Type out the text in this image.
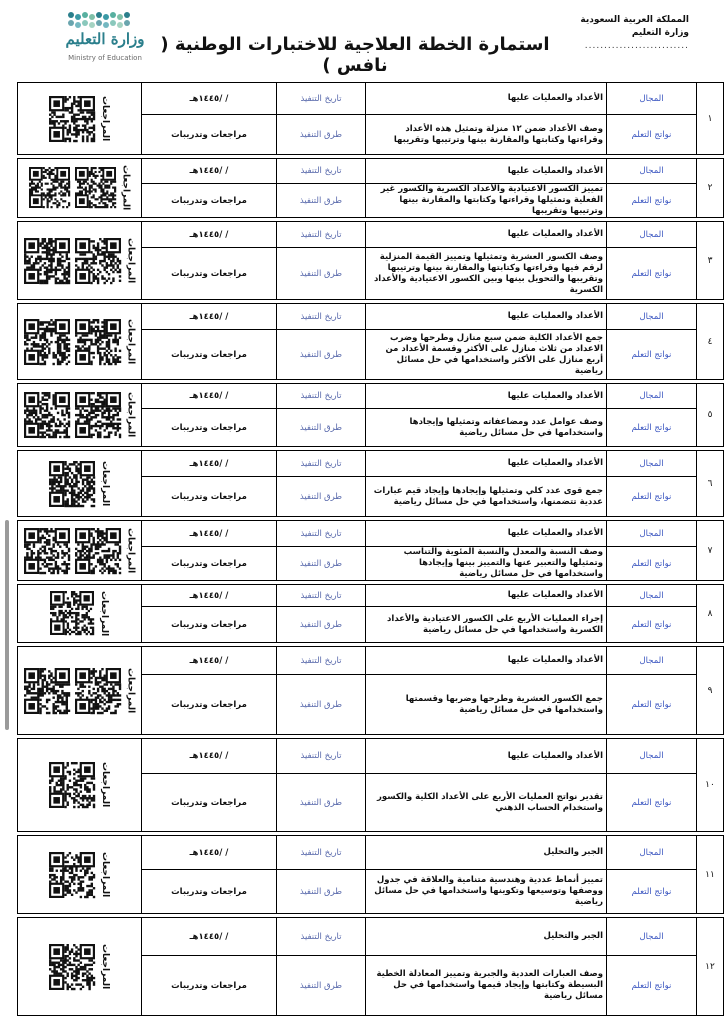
وزارة التعليم
Ministry of Education
المملكة العربية السعودية
وزارة التعليم
...........................
استمارة الخطة العلاجية للاختبارات الوطنية ( نافس )
المراجعات	/ /١٤٤٥هـ	تاريخ التنفيذ	الأعداد والعمليات عليها	المجال	١
	مراجعات وتدريبات	طرق التنفيذ	وصف الأعداد ضمن ١٢ منزلة وتمثيل هذه الأعداد وقراءتها وكتابتها والمقارنة بينها وترتيبها وتقريبها	نواتج التعلم	

المراجعات	/ /١٤٤٥هـ	تاريخ التنفيذ	الأعداد والعمليات عليها	المجال	٢
	مراجعات وتدريبات	طرق التنفيذ	تمييز الكسور الاعتيادية والأعداد الكسرية والكسور غير الفعلية وتمثيلها وقراءتها وكتابتها والمقارنة بينها وترتيبها وتقريبها	نواتج التعلم	

المراجعات	/ /١٤٤٥هـ	تاريخ التنفيذ	الأعداد والعمليات عليها	المجال	٣
	مراجعات وتدريبات	طرق التنفيذ	وصف الكسور العشرية وتمثيلها وتمييز القيمة المنزلية لرقم فيها وقراءتها وكتابتها والمقارنة بينها وترتيبها وتقريبها والتحويل بينها وبين الكسور الاعتيادية والأعداد الكسرية	نواتج التعلم	

المراجعات	/ /١٤٤٥هـ	تاريخ التنفيذ	الأعداد والعمليات عليها	المجال	٤
	مراجعات وتدريبات	طرق التنفيذ	جمع الأعداد الكلية ضمن سبع منازل وطرحها وضرب الاعداد من ثلاث منازل على الأكثر وقسمة الأعداد من أربع منازل على الأكثر واستخدامها في حل مسائل رياضية	نواتج التعلم	

المراجعات	/ /١٤٤٥هـ	تاريخ التنفيذ	الأعداد والعمليات عليها	المجال	٥
	مراجعات وتدريبات	طرق التنفيذ	وصف عوامل عدد ومضاعفاته وتمثيلها وإيجادها واستخدامها في حل مسائل رياضية	نواتج التعلم	

المراجعات	/ /١٤٤٥هـ	تاريخ التنفيذ	الأعداد والعمليات عليها	المجال	٦
	مراجعات وتدريبات	طرق التنفيذ	جمع قوى عدد كلي وتمثيلها وإيجادها وإيجاد قيم عبارات عددية تتضمنها، واستخدامها في حل مسائل رياضية	نواتج التعلم	

المراجعات	/ /١٤٤٥هـ	تاريخ التنفيذ	الأعداد والعمليات عليها	المجال	٧
	مراجعات وتدريبات	طرق التنفيذ	وصف النسبة والمعدل والنسبة المئوية والتناسب وتمثيلها والتعبير عنها والتمييز بينها وإيجادها واستخدامها في حل مسائل رياضية	نواتج التعلم	

المراجعات	/ /١٤٤٥هـ	تاريخ التنفيذ	الأعداد والعمليات عليها	المجال	٨
	مراجعات وتدريبات	طرق التنفيذ	إجراء العمليات الأربع على الكسور الاعتيادية والأعداد الكسرية واستخدامها في حل مسائل رياضية	نواتج التعلم	

المراجعات	/ /١٤٤٥هـ	تاريخ التنفيذ	الأعداد والعمليات عليها	المجال	٩
	مراجعات وتدريبات	طرق التنفيذ	جمع الكسور العشرية وطرحها وضربها وقسمتها واستخدامها في حل مسائل رياضية	نواتج التعلم	

المراجعات	/ /١٤٤٥هـ	تاريخ التنفيذ	الأعداد والعمليات عليها	المجال	١٠
	مراجعات وتدريبات	طرق التنفيذ	تقدير نواتج العمليات الأربع على الأعداد الكلية والكسور واستخدام الحساب الذهني	نواتج التعلم	

المراجعات	/ /١٤٤٥هـ	تاريخ التنفيذ	الجبر والتحليل	المجال	١١
	مراجعات وتدريبات	طرق التنفيذ	تمييز أنماط عددية وهندسية متنامية والعلاقة في جدول ووصفها وتوسيعها وتكوينها واستخدامها في حل مسائل رياضية	نواتج التعلم	

المراجعات	/ /١٤٤٥هـ	تاريخ التنفيذ	الجبر والتحليل	المجال	١٢
	مراجعات وتدريبات	طرق التنفيذ	وصف العبارات العددية والجبرية وتمييز المعادلة الخطية البسيطة وكتابتها وإيجاد قيمها واستخدامها في حل مسائل رياضية	نواتج التعلم	
